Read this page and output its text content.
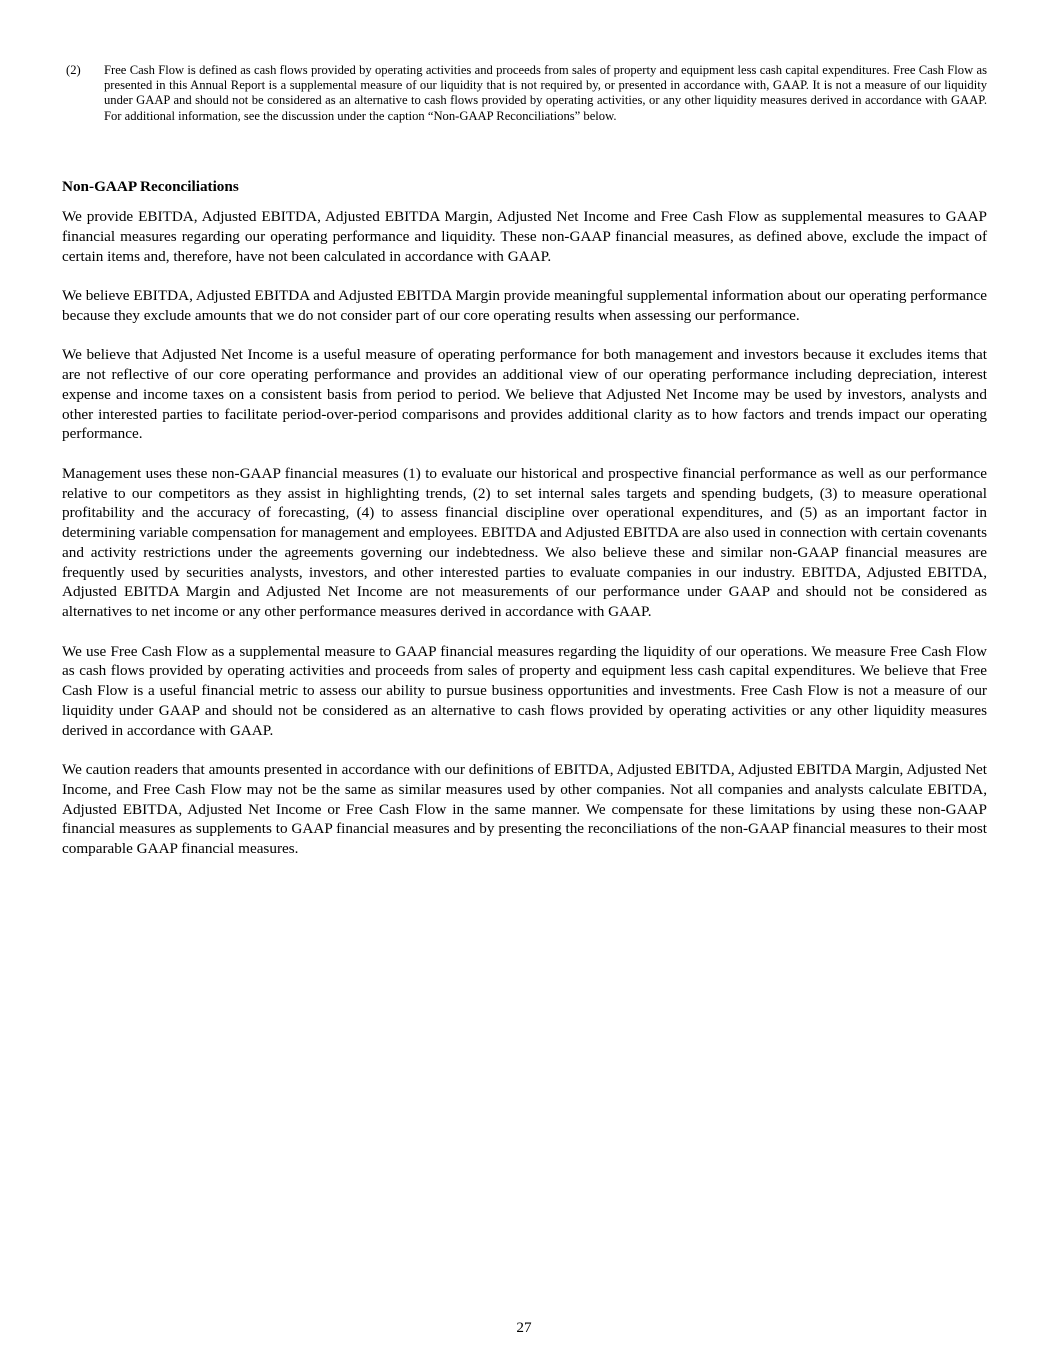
(2) Free Cash Flow is defined as cash flows provided by operating activities and proceeds from sales of property and equipment less cash capital expenditures. Free Cash Flow as presented in this Annual Report is a supplemental measure of our liquidity that is not required by, or presented in accordance with, GAAP. It is not a measure of our liquidity under GAAP and should not be considered as an alternative to cash flows provided by operating activities, or any other liquidity measures derived in accordance with GAAP. For additional information, see the discussion under the caption “Non-GAAP Reconciliations” below.
Non-GAAP Reconciliations

We provide EBITDA, Adjusted EBITDA, Adjusted EBITDA Margin, Adjusted Net Income and Free Cash Flow as supplemental measures to GAAP financial measures regarding our operating performance and liquidity. These non-GAAP financial measures, as defined above, exclude the impact of certain items and, therefore, have not been calculated in accordance with GAAP.

We believe EBITDA, Adjusted EBITDA and Adjusted EBITDA Margin provide meaningful supplemental information about our operating performance because they exclude amounts that we do not consider part of our core operating results when assessing our performance.

We believe that Adjusted Net Income is a useful measure of operating performance for both management and investors because it excludes items that are not reflective of our core operating performance and provides an additional view of our operating performance including depreciation, interest expense and income taxes on a consistent basis from period to period. We believe that Adjusted Net Income may be used by investors, analysts and other interested parties to facilitate period-over-period comparisons and provides additional clarity as to how factors and trends impact our operating performance.

Management uses these non-GAAP financial measures (1) to evaluate our historical and prospective financial performance as well as our performance relative to our competitors as they assist in highlighting trends, (2) to set internal sales targets and spending budgets, (3) to measure operational profitability and the accuracy of forecasting, (4) to assess financial discipline over operational expenditures, and (5) as an important factor in determining variable compensation for management and employees. EBITDA and Adjusted EBITDA are also used in connection with certain covenants and activity restrictions under the agreements governing our indebtedness. We also believe these and similar non-GAAP financial measures are frequently used by securities analysts, investors, and other interested parties to evaluate companies in our industry. EBITDA, Adjusted EBITDA, Adjusted EBITDA Margin and Adjusted Net Income are not measurements of our performance under GAAP and should not be considered as alternatives to net income or any other performance measures derived in accordance with GAAP.

We use Free Cash Flow as a supplemental measure to GAAP financial measures regarding the liquidity of our operations. We measure Free Cash Flow as cash flows provided by operating activities and proceeds from sales of property and equipment less cash capital expenditures. We believe that Free Cash Flow is a useful financial metric to assess our ability to pursue business opportunities and investments. Free Cash Flow is not a measure of our liquidity under GAAP and should not be considered as an alternative to cash flows provided by operating activities or any other liquidity measures derived in accordance with GAAP.

We caution readers that amounts presented in accordance with our definitions of EBITDA, Adjusted EBITDA, Adjusted EBITDA Margin, Adjusted Net Income, and Free Cash Flow may not be the same as similar measures used by other companies. Not all companies and analysts calculate EBITDA, Adjusted EBITDA, Adjusted Net Income or Free Cash Flow in the same manner. We compensate for these limitations by using these non-GAAP financial measures as supplements to GAAP financial measures and by presenting the reconciliations of the non-GAAP financial measures to their most comparable GAAP financial measures.

27
